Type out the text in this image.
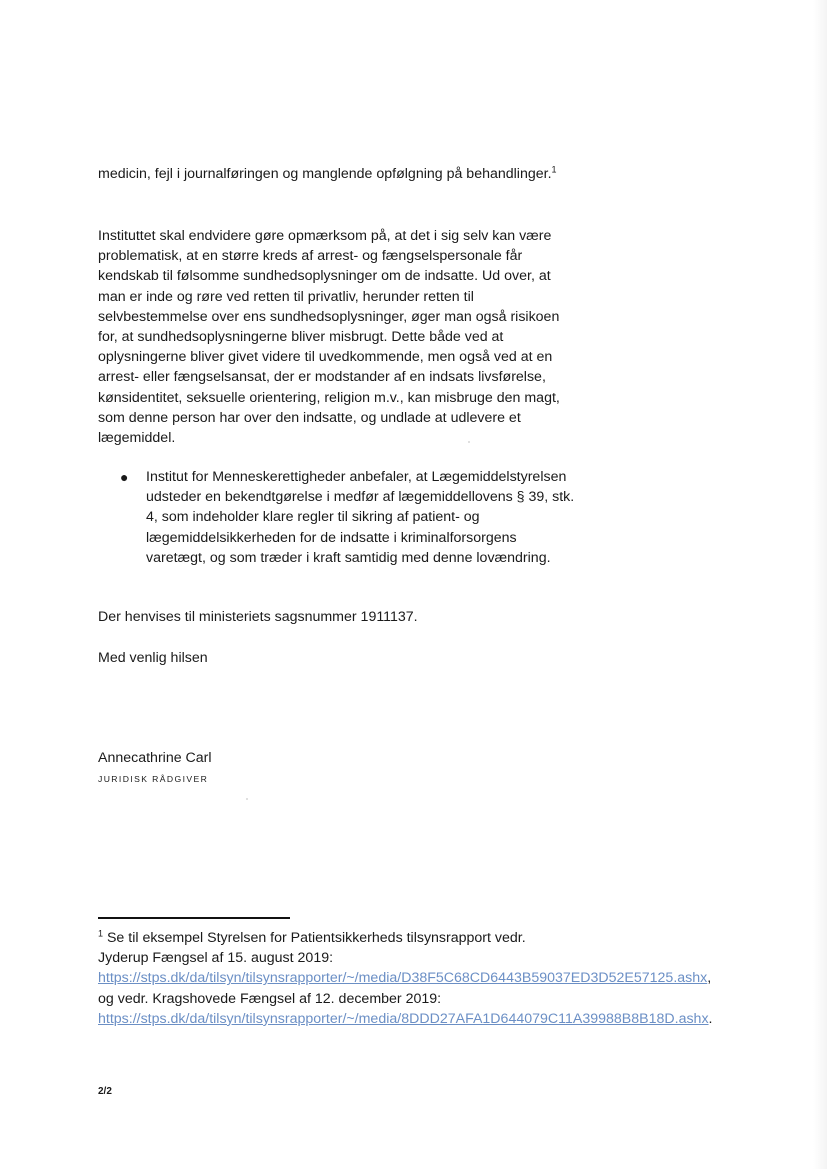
medicin, fejl i journalføringen og manglende opfølgning på behandlinger.$^1$

Instituttet skal endvidere gøre opmærksom på, at det i sig selv kan være problematisk, at en større kreds af arrest- og fængselspersonale får kendskab til følsomme sundhedsoplysninger om de indsatte. Ud over, at man er inde og røre ved retten til privatliv, herunder retten til selvbestemmelse over ens sundhedsoplysninger, øger man også risikoen for, at sundhedsoplysningerne bliver misbrugt. Dette både ved at oplysningerne bliver givet videre til uvedkommende, men også ved at en arrest- eller fængselsansat, der er modstander af en indsats livsførelse, kønsidentitet, seksuelle orientering, religion m.v., kan misbruge den magt, som denne person har over den indsatte, og undlade at udlevere et lægemiddel.

● Institut for Menneskerettigheder anbefaler, at Lægemiddelstyrelsen udsteder en bekendtgørelse i medfør af lægemiddellovens § 39, stk. 4, som indeholder klare regler til sikring af patient- og lægemiddelsikkerheden for de indsatte i kriminalforsorgens varetægt, og som træder i kraft samtidig med denne lovændring.

Der henvises til ministeriets sagsnummer 1911137.

Med venlig hilsen

Annecathrine Carl
JURIDISK RÅDGIVER
$^1$ Se til eksempel Styrelsen for Patientsikkerheds tilsynsrapport vedr. Jyderup Fængsel af 15. august 2019:
https://stps.dk/da/tilsyn/tilsynsrapporter/~/media/D38F5C68CD6443B59037ED3D52E57125.ashx, og vedr. Kragshovede Fængsel af 12. december 2019:
https://stps.dk/da/tilsyn/tilsynsrapporter/~/media/8DDD27AFA1D644079C11A39988B8B18D.ashx.
2/2
